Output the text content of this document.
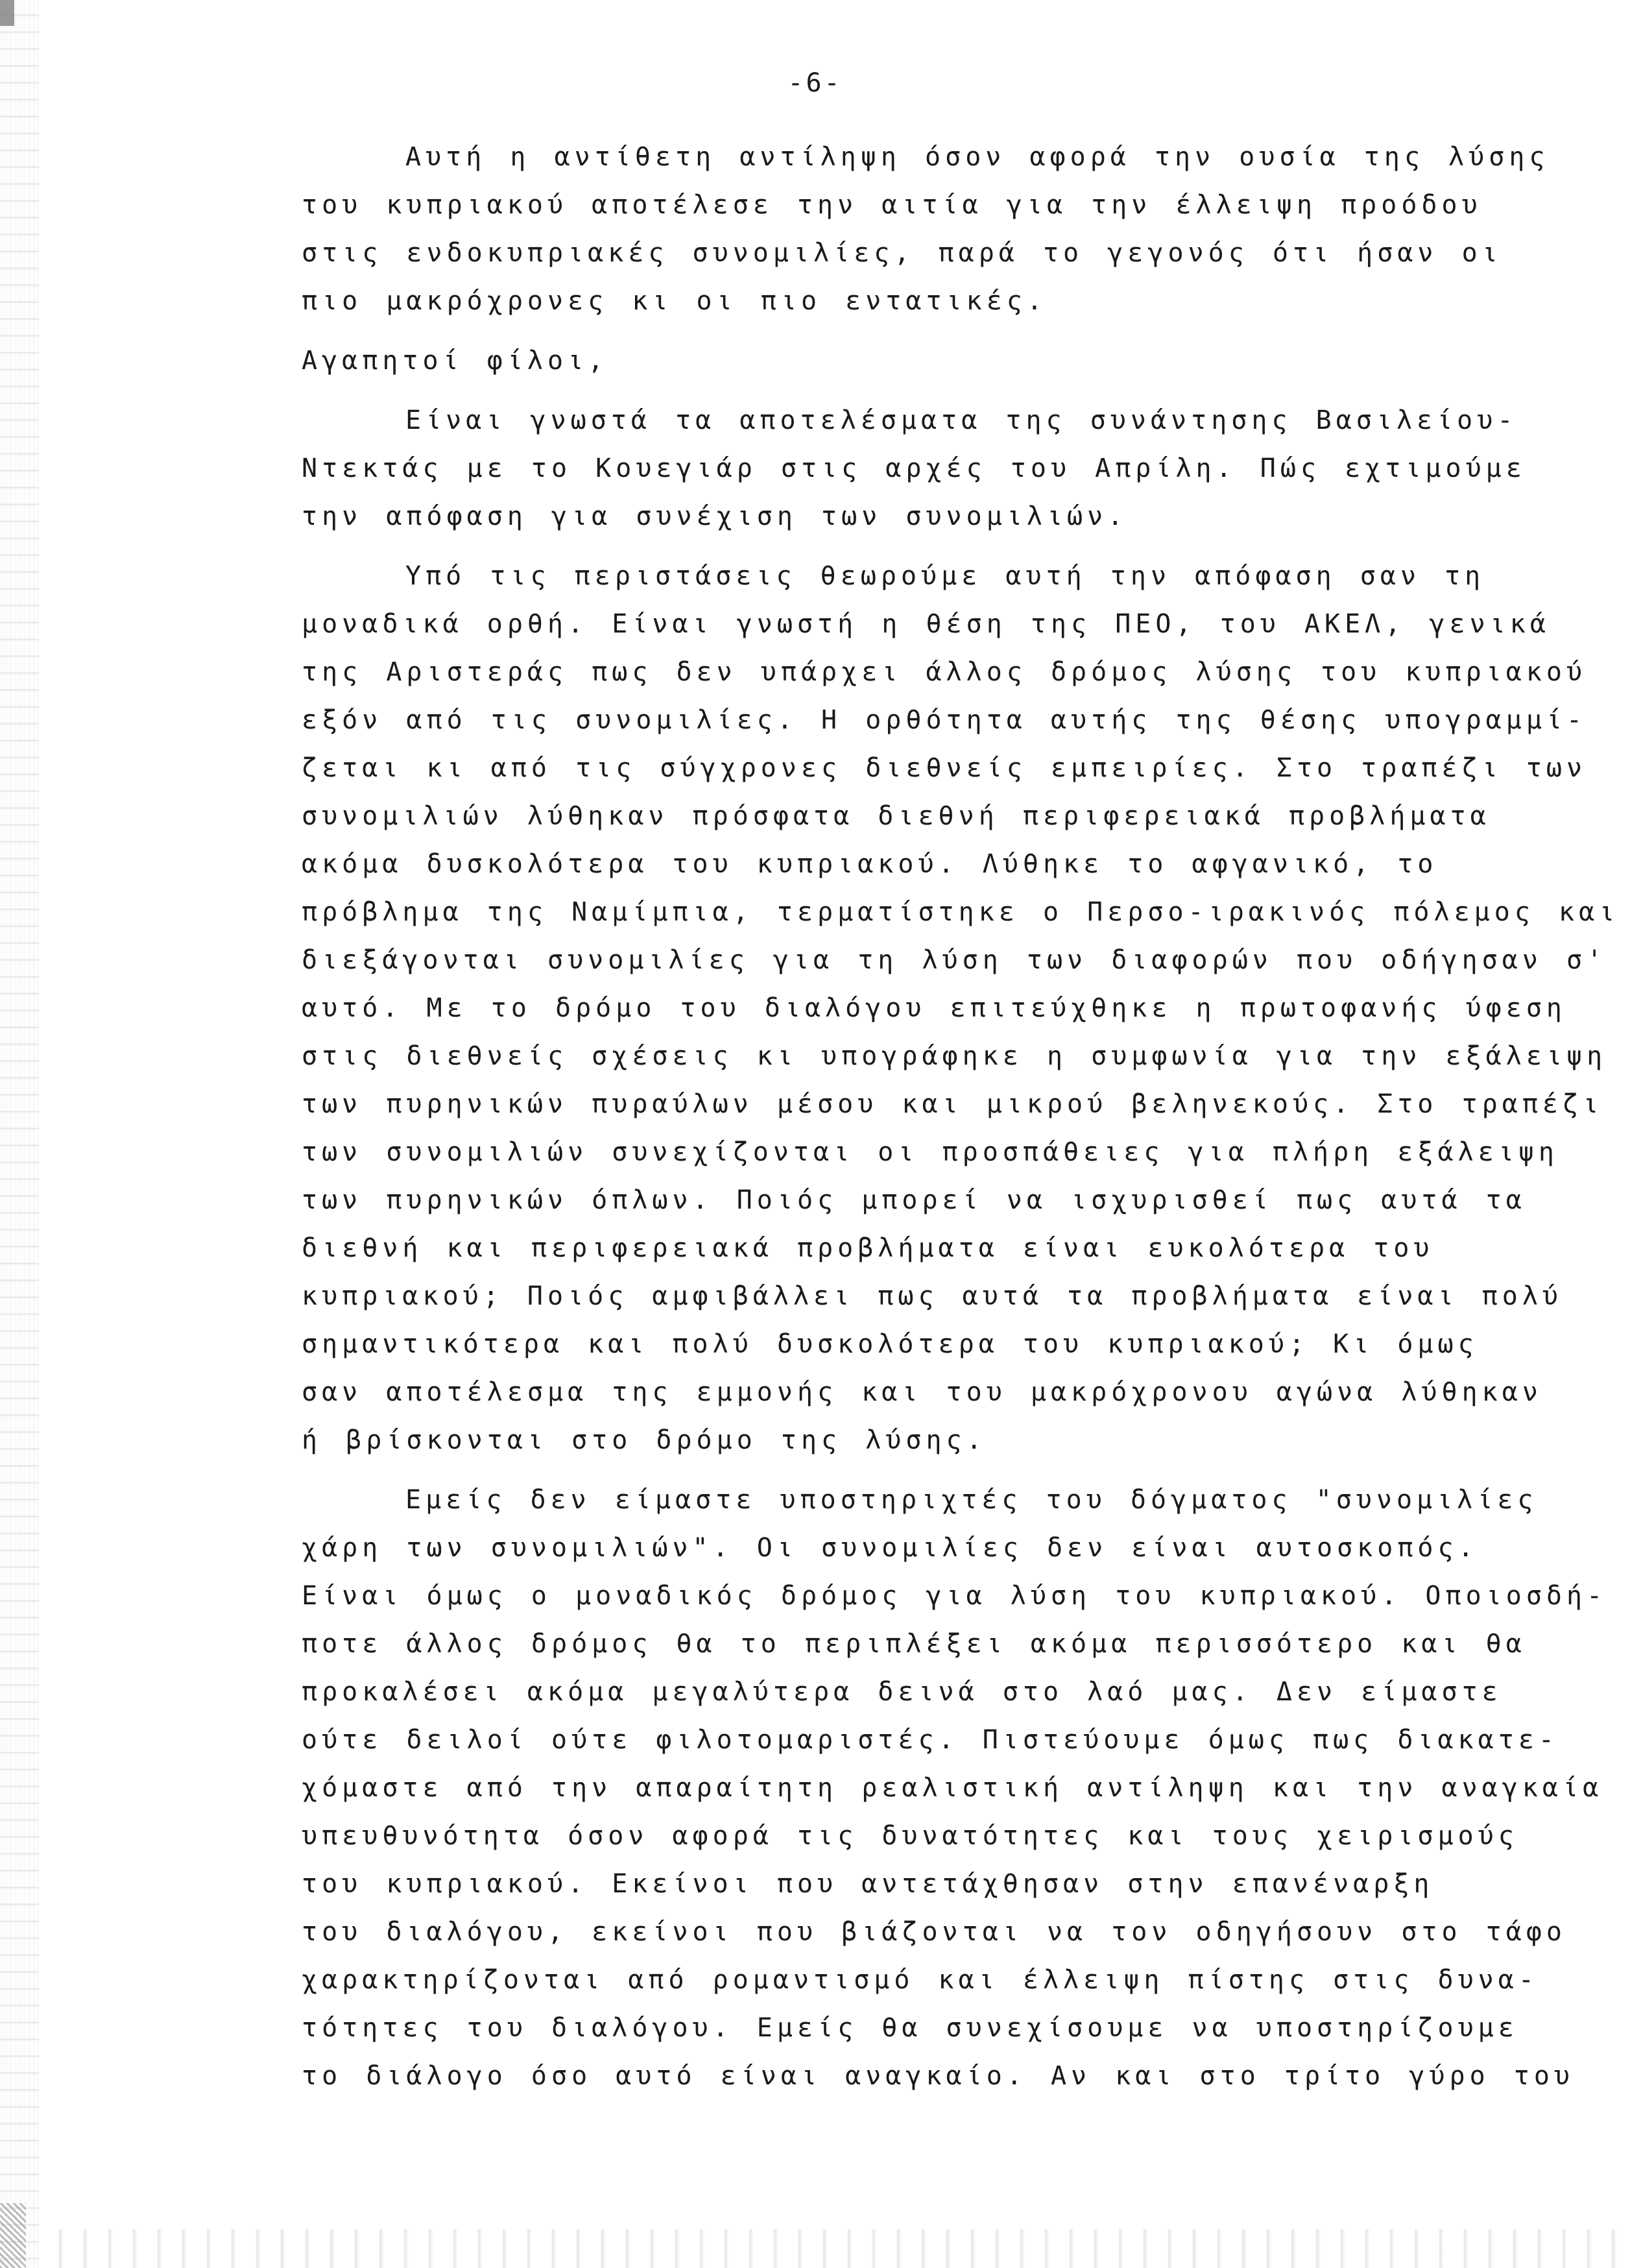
-6-
Αυτή η αντίθετη αντίληψη όσον αφορά την ουσία της λύσης
του κυπριακού αποτέλεσε την αιτία για την έλλειψη προόδου
στις ενδοκυπριακές συνομιλίες, παρά το γεγονός ότι ήσαν οι
πιο μακρόχρονες κι οι πιο εντατικές.
Αγαπητοί φίλοι,
Είναι γνωστά τα αποτελέσματα της συνάντησης Βασιλείου-
Ντεκτάς με το Κουεγιάρ στις αρχές του Απρίλη. Πώς εχτιμούμε
την απόφαση για συνέχιση των συνομιλιών.
Υπό τις περιστάσεις θεωρούμε αυτή την απόφαση σαν τη
μοναδικά ορθή. Είναι γνωστή η θέση της ΠΕΟ, του ΑΚΕΛ, γενικά
της Αριστεράς πως δεν υπάρχει άλλος δρόμος λύσης του κυπριακού
εξόν από τις συνομιλίες. Η ορθότητα αυτής της θέσης υπογραμμί-
ζεται κι από τις σύγχρονες διεθνείς εμπειρίες. Στο τραπέζι των
συνομιλιών λύθηκαν πρόσφατα διεθνή περιφερειακά προβλήματα
ακόμα δυσκολότερα του κυπριακού. Λύθηκε το αφγανικό, το
πρόβλημα της Ναμίμπια, τερματίστηκε ο Περσο-ιρακινός πόλεμος και
διεξάγονται συνομιλίες για τη λύση των διαφορών που οδήγησαν σ'
αυτό. Με το δρόμο του διαλόγου επιτεύχθηκε η πρωτοφανής ύφεση
στις διεθνείς σχέσεις κι υπογράφηκε η συμφωνία για την εξάλειψη
των πυρηνικών πυραύλων μέσου και μικρού βεληνεκούς. Στο τραπέζι
των συνομιλιών συνεχίζονται οι προσπάθειες για πλήρη εξάλειψη
των πυρηνικών όπλων. Ποιός μπορεί να ισχυρισθεί πως αυτά τα
διεθνή και περιφερειακά προβλήματα είναι ευκολότερα του
κυπριακού; Ποιός αμφιβάλλει πως αυτά τα προβλήματα είναι πολύ
σημαντικότερα και πολύ δυσκολότερα του κυπριακού; Κι όμως
σαν αποτέλεσμα της εμμονής και του μακρόχρονου αγώνα λύθηκαν
ή βρίσκονται στο δρόμο της λύσης.
Εμείς δεν είμαστε υποστηριχτές του δόγματος "συνομιλίες
χάρη των συνομιλιών". Οι συνομιλίες δεν είναι αυτοσκοπός.
Είναι όμως ο μοναδικός δρόμος για λύση του κυπριακού. Οποιοσδή-
ποτε άλλος δρόμος θα το περιπλέξει ακόμα περισσότερο και θα
προκαλέσει ακόμα μεγαλύτερα δεινά στο λαό μας. Δεν είμαστε
ούτε δειλοί ούτε φιλοτομαριστές. Πιστεύουμε όμως πως διακατε-
χόμαστε από την απαραίτητη ρεαλιστική αντίληψη και την αναγκαία
υπευθυνότητα όσον αφορά τις δυνατότητες και τους χειρισμούς
του κυπριακού. Εκείνοι που αντετάχθησαν στην επανέναρξη
του διαλόγου, εκείνοι που βιάζονται να τον οδηγήσουν στο τάφο
χαρακτηρίζονται από ρομαντισμό και έλλειψη πίστης στις δυνα-
τότητες του διαλόγου. Εμείς θα συνεχίσουμε να υποστηρίζουμε
το διάλογο όσο αυτό είναι αναγκαίο. Αν και στο τρίτο γύρο του
